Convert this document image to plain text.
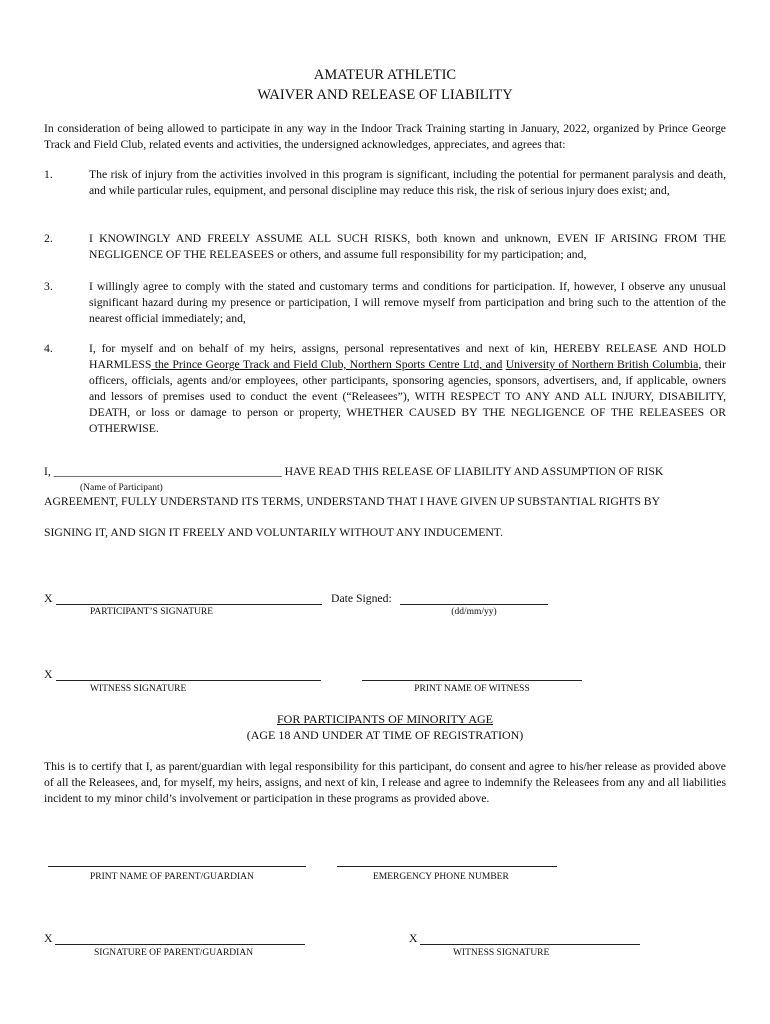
AMATEUR ATHLETIC
WAIVER AND RELEASE OF LIABILITY
In consideration of being allowed to participate in any way in the Indoor Track Training starting in January, 2022, organized by Prince George Track and Field Club, related events and activities, the undersigned acknowledges, appreciates, and agrees that:
1.	The risk of injury from the activities involved in this program is significant, including the potential for permanent paralysis and death, and while particular rules, equipment, and personal discipline may reduce this risk, the risk of serious injury does exist; and,
2.	I KNOWINGLY AND FREELY ASSUME ALL SUCH RISKS, both known and unknown, EVEN IF ARISING FROM THE NEGLIGENCE OF THE RELEASEES or others, and assume full responsibility for my participation; and,
3.	I willingly agree to comply with the stated and customary terms and conditions for participation. If, however, I observe any unusual significant hazard during my presence or participation, I will remove myself from participation and bring such to the attention of the nearest official immediately; and,
4.	I, for myself and on behalf of my heirs, assigns, personal representatives and next of kin, HEREBY RELEASE AND HOLD HARMLESS the Prince George Track and Field Club, Northern Sports Centre Ltd, and University of Northern British Columbia, their officers, officials, agents and/or employees, other participants, sponsoring agencies, sponsors, advertisers, and, if applicable, owners and lessors of premises used to conduct the event (“Releasees”), WITH RESPECT TO ANY AND ALL INJURY, DISABILITY, DEATH, or loss or damage to person or property, WHETHER CAUSED BY THE NEGLIGENCE OF THE RELEASEES OR OTHERWISE.
I, _______________________________________ HAVE READ THIS RELEASE OF LIABILITY AND ASSUMPTION OF RISK
(Name of Participant)
AGREEMENT, FULLY UNDERSTAND ITS TERMS, UNDERSTAND THAT I HAVE GIVEN UP SUBSTANTIAL RIGHTS BY
SIGNING IT, AND SIGN IT FREELY AND VOLUNTARILY WITHOUT ANY INDUCEMENT.
X
PARTICIPANT’S SIGNATURE
Date Signed:
(dd/mm/yy)
X
WITNESS SIGNATURE	PRINT NAME OF WITNESS
FOR PARTICIPANTS OF MINORITY AGE
(AGE 18 AND UNDER AT TIME OF REGISTRATION)
This is to certify that I, as parent/guardian with legal responsibility for this participant, do consent and agree to his/her release as provided above of all the Releasees, and, for myself, my heirs, assigns, and next of kin, I release and agree to indemnify the Releasees from any and all liabilities incident to my minor child’s involvement or participation in these programs as provided above.
PRINT NAME OF PARENT/GUARDIAN	EMERGENCY PHONE NUMBER
X
SIGNATURE OF PARENT/GUARDIAN
X
WITNESS SIGNATURE
